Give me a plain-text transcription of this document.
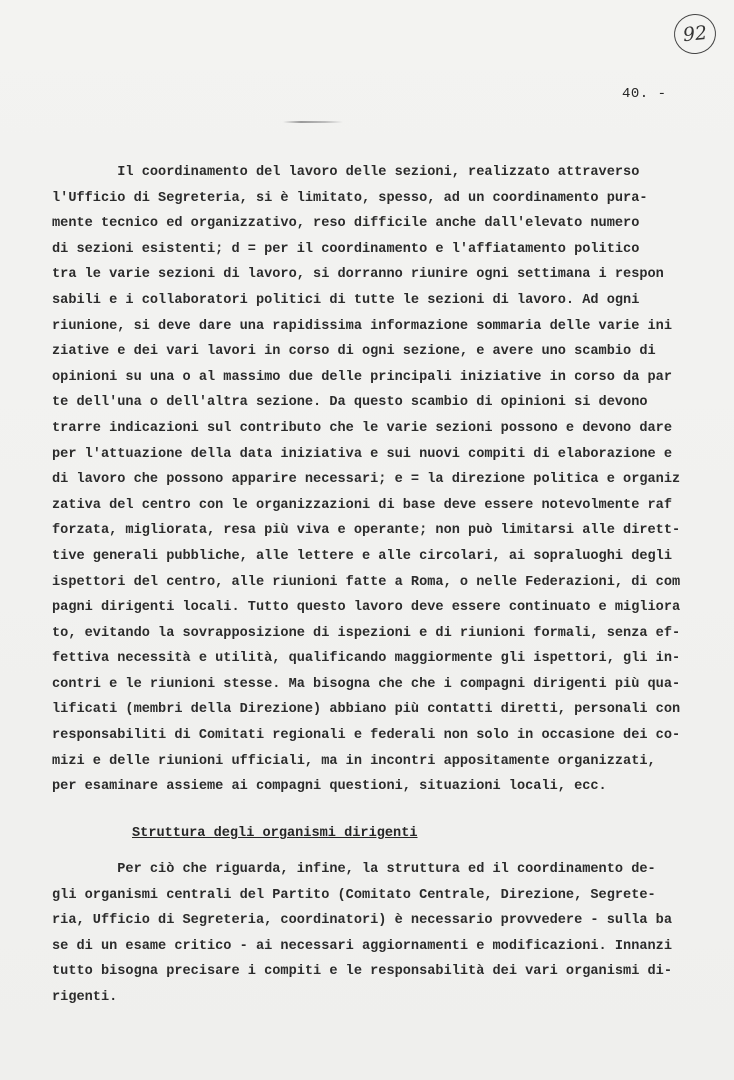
92
40. -
Il coordinamento del lavoro delle sezioni, realizzato attraverso
l'Ufficio di Segreteria, si è limitato, spesso, ad un coordinamento pura-
mente tecnico ed organizzativo, reso difficile anche dall'elevato numero
di sezioni esistenti; d = per il coordinamento e l'affiatamento politico
tra le varie sezioni di lavoro, si dorranno riunire ogni settimana i respon
sabili e i collaboratori politici di tutte le sezioni di lavoro. Ad ogni
riunione, si deve dare una rapidissima informazione sommaria delle varie ini
ziative e dei vari lavori in corso di ogni sezione, e avere uno scambio di
opinioni su una o al massimo due delle principali iniziative in corso da par
te dell'una o dell'altra sezione. Da questo scambio di opinioni si devono
trarre indicazioni sul contributo che le varie sezioni possono e devono dare
per l'attuazione della data iniziativa e sui nuovi compiti di elaborazione e
di lavoro che possono apparire necessari; e = la direzione politica e organiz
zativa del centro con le organizzazioni di base deve essere notevolmente raf
forzata, migliorata, resa più viva e operante; non può limitarsi alle dirett-
tive generali pubbliche, alle lettere e alle circolari, ai sopraluoghi degli
ispettori del centro, alle riunioni fatte a Roma, o nelle Federazioni, di com
pagni dirigenti locali. Tutto questo lavoro deve essere continuato e migliora
to, evitando la sovrapposizione di ispezioni e di riunioni formali, senza ef-
fettiva necessità e utilità, qualificando maggiormente gli ispettori, gli in-
contri e le riunioni stesse. Ma bisogna che che i compagni dirigenti più qua-
lificati (membri della Direzione) abbiano più contatti diretti, personali con
responsabiliti di Comitati regionali e federali non solo in occasione dei co-
mizi e delle riunioni ufficiali, ma in incontri appositamente organizzati,
per esaminare assieme ai compagni questioni, situazioni locali, ecc.
Struttura degli organismi dirigenti
Per ciò che riguarda, infine, la struttura ed il coordinamento de-
gli organismi centrali del Partito (Comitato Centrale, Direzione, Segrete-
ria, Ufficio di Segreteria, coordinatori) è necessario provvedere - sulla ba
se di un esame critico - ai necessari aggiornamenti e modificazioni. Innanzi
tutto bisogna precisare i compiti e le responsabilità dei vari organismi di-
rigenti.
